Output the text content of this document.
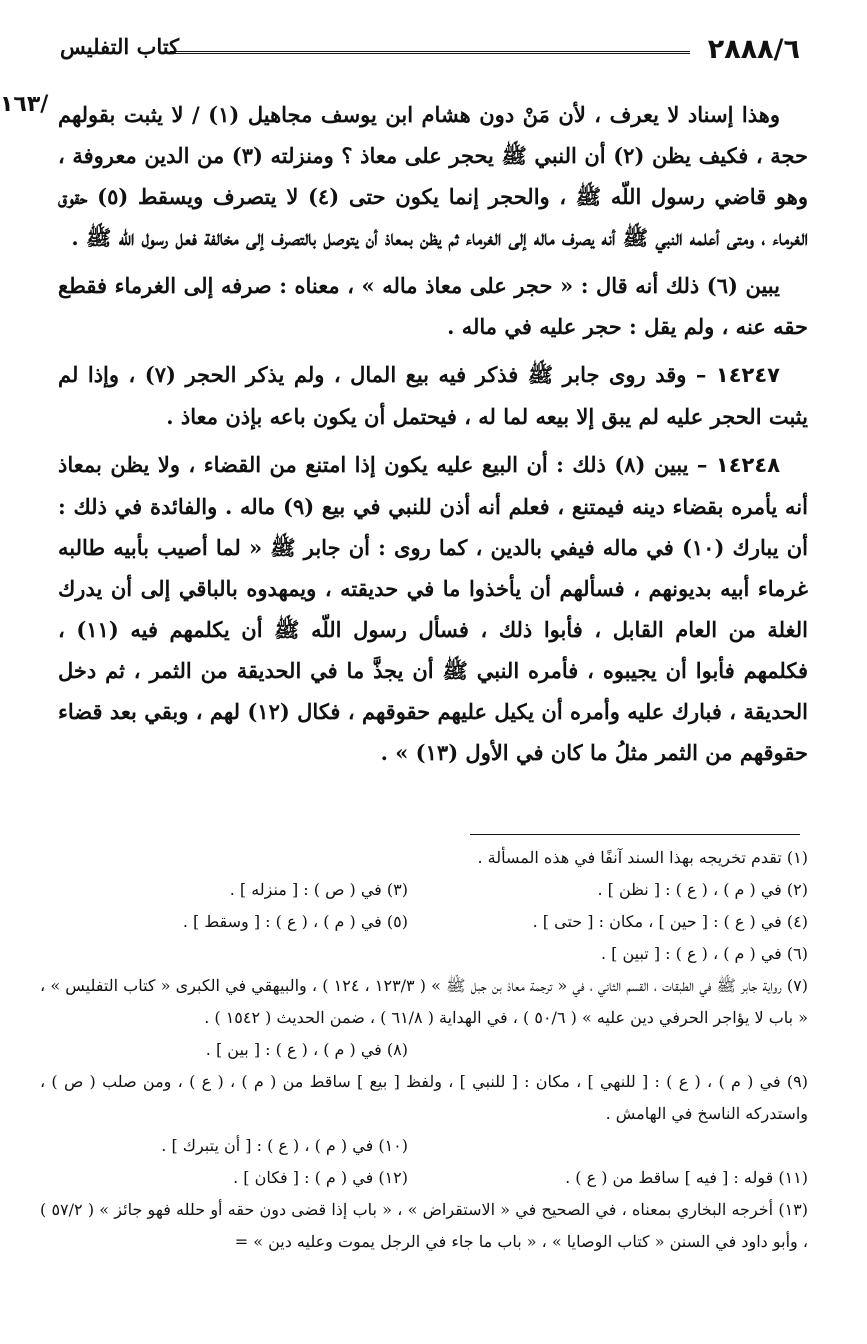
٢٨٨٨/٦
كتاب التفليس
١٦٣/ وهذا إسناد لا يعرف ، لأن مَنْ دون هشام ابن يوسف مجاهيل (١) / لا يثبت بقولهم حجة ، فكيف يظن (٢) أن النبي ﷺ يحجر على معاذ ؟ ومنزلته (٣) من الدين معروفة ، وهو قاضي رسول اللّه ﷺ ، والحجر إنما يكون حتى (٤) لا يتصرف ويسقط (٥) حقوق الغرماء ، ومتى أعلمه النبي ﷺ أنه يصرف ماله إلى الغرماء ثم يظن بمعاذ أن يتوصل بالتصرف إلى مخالفة فعل رسول اللّه ﷺ .

يبين (٦) ذلك أنه قال : « حجر على معاذ ماله » ، معناه : صرفه إلى الغرماء فقطع حقه عنه ، ولم يقل : حجر عليه في ماله .

١٤٢٤٧ – وقد روى جابر ﷺ فذكر فيه بيع المال ، ولم يذكر الحجر (٧) ، وإذا لم يثبت الحجر عليه لم يبق إلا بيعه لما له ، فيحتمل أن يكون باعه بإذن معاذ .

١٤٢٤٨ – يبين (٨) ذلك : أن البيع عليه يكون إذا امتنع من القضاء ، ولا يظن بمعاذ أنه يأمره بقضاء دينه فيمتنع ، فعلم أنه أذن للنبي في بيع (٩) ماله . والفائدة في ذلك : أن يبارك (١٠) في ماله فيفي بالدين ، كما روى : أن جابر ﷺ « لما أصيب بأبيه طالبه غرماء أبيه بديونهم ، فسألهم أن يأخذوا ما في حديقته ، ويمهدوه بالباقي إلى أن يدرك الغلة من العام القابل ، فأبوا ذلك ، فسأل رسول اللّه ﷺ أن يكلمهم فيه (١١) ، فكلمهم فأبوا أن يجيبوه ، فأمره النبي ﷺ أن يجذَّ ما في الحديقة من الثمر ، ثم دخل الحديقة ، فبارك عليه وأمره أن يكيل عليهم حقوقهم ، فكال (١٢) لهم ، وبقي بعد قضاء حقوقهم من الثمر مثلُ ما كان في الأول (١٣) » .

(١) تقدم تخريجه بهذا السند آنفًا في هذه المسألة .

(٢) في ( م ) ، ( ع ) : [ نظن ] .
(٣) في ( ص ) : [ منزله ] .
(٤) في ( ع ) : [ حين ] ، مكان : [ حتى ] .
(٥) في ( م ) ، ( ع ) : [ وسقط ] .

(٦) في ( م ) ، ( ع ) : [ تبين ] .

(٧) رواية جابر ﷺ في الطبقات ، القسم الثاني ، في « ترجمة معاذ بن جبل ﷺ » ( ١٢٣/٣ ، ١٢٤ ) ، والبيهقي في الكبرى « كتاب التفليس » ، « باب لا يؤاجر الحرفي دين عليه » ( ٥٠/٦ ) ، في الهداية ( ٦١/٨ ) ، ضمن الحديث ( ١٥٤٢ ) .

(٨) في ( م ) ، ( ع ) : [ بين ] .

(٩) في ( م ) ، ( ع ) : [ للنهي ] ، مكان : [ للنبي ] ، ولفظ [ بيع ] ساقط من ( م ) ، ( ع ) ، ومن صلب ( ص ) ، واستدركه الناسخ في الهامش .

(١٠) في ( م ) ، ( ع ) : [ أن يتبرك ] .
(١١) قوله : [ فيه ] ساقط من ( ع ) .
(١٢) في ( م ) : [ فكان ] .

(١٣) أخرجه البخاري بمعناه ، في الصحيح في « الاستقراض » ، « باب إذا قضى دون حقه أو حلله فهو جائز » ( ٥٧/٢ ) ، وأبو داود في السنن « كتاب الوصايا » ، « باب ما جاء في الرجل يموت وعليه دين » =
